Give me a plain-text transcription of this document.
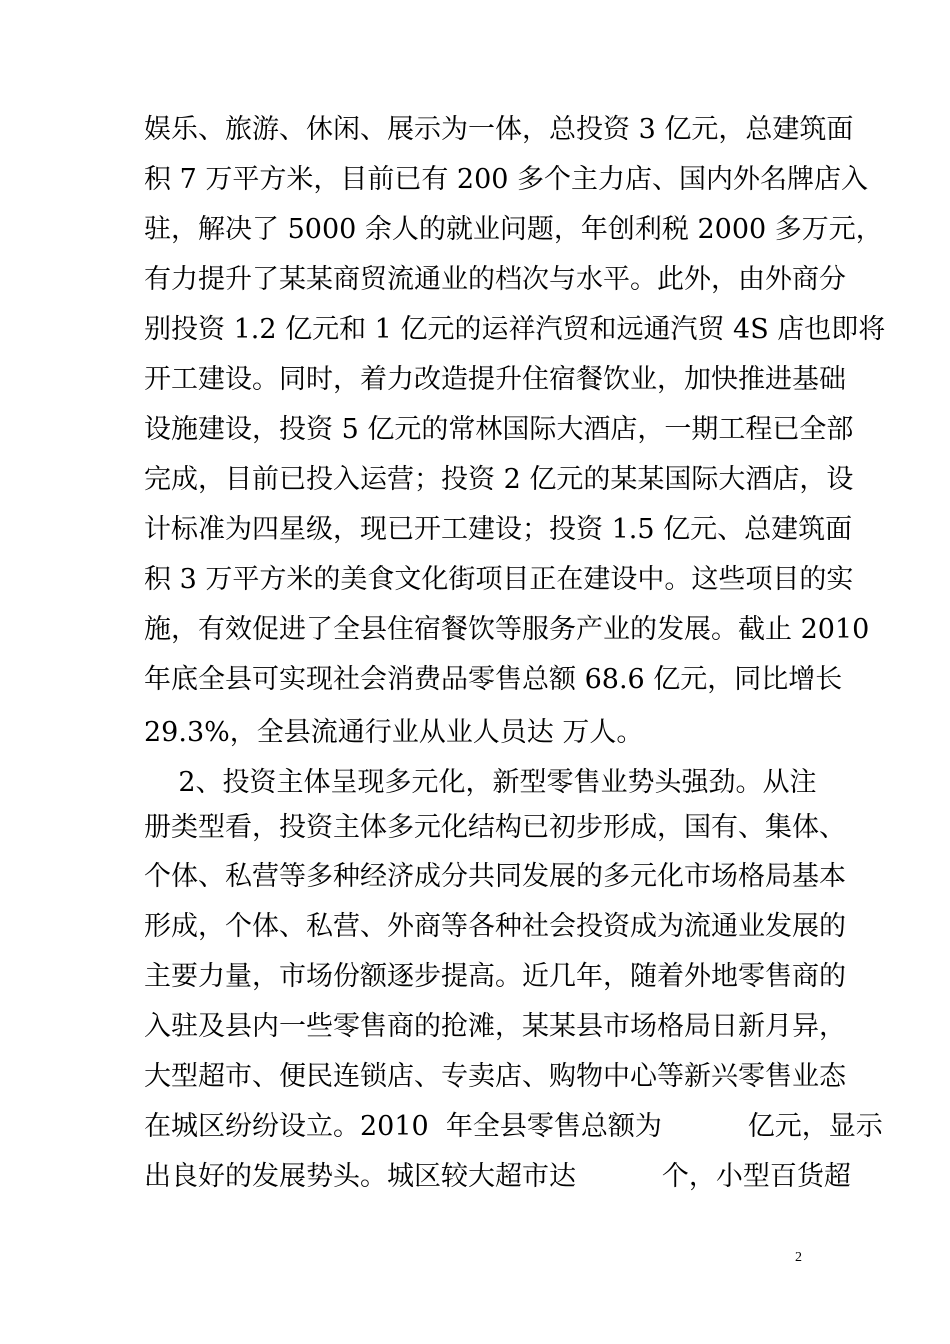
娱乐、旅游、休闲、展示为一体，总投资 3 亿元，总建筑面
积 7 万平方米，目前已有 200 多个主力店、国内外名牌店入
驻，解决了 5000 余人的就业问题，年创利税 2000 多万元，
有力提升了某某商贸流通业的档次与水平。此外，由外商分
别投资 1.2 亿元和 1 亿元的运祥汽贸和远通汽贸 4S 店也即将
开工建设。同时，着力改造提升住宿餐饮业，加快推进基础
设施建设，投资 5 亿元的常林国际大酒店，一期工程已全部
完成，目前已投入运营；投资 2 亿元的某某国际大酒店，设
计标准为四星级，现已开工建设；投资 1.5 亿元、总建筑面
积 3 万平方米的美食文化街项目正在建设中。这些项目的实
施，有效促进了全县住宿餐饮等服务产业的发展。截止 2010
年底全县可实现社会消费品零售总额 68.6 亿元，同比增长
29.3%，全县流通行业从业人员达 万人。
2、投资主体呈现多元化，新型零售业势头强劲。从注
册类型看，投资主体多元化结构已初步形成，国有、集体、
个体、私营等多种经济成分共同发展的多元化市场格局基本
形成，个体、私营、外商等各种社会投资成为流通业发展的
主要力量，市场份额逐步提高。近几年，随着外地零售商的
入驻及县内一些零售商的抢滩，某某县市场格局日新月异，
大型超市、便民连锁店、专卖店、购物中心等新兴零售业态
在城区纷纷设立。2010  年全县零售总额为          亿元，显示
出良好的发展势头。城区较大超市达          个，小型百货超
2
